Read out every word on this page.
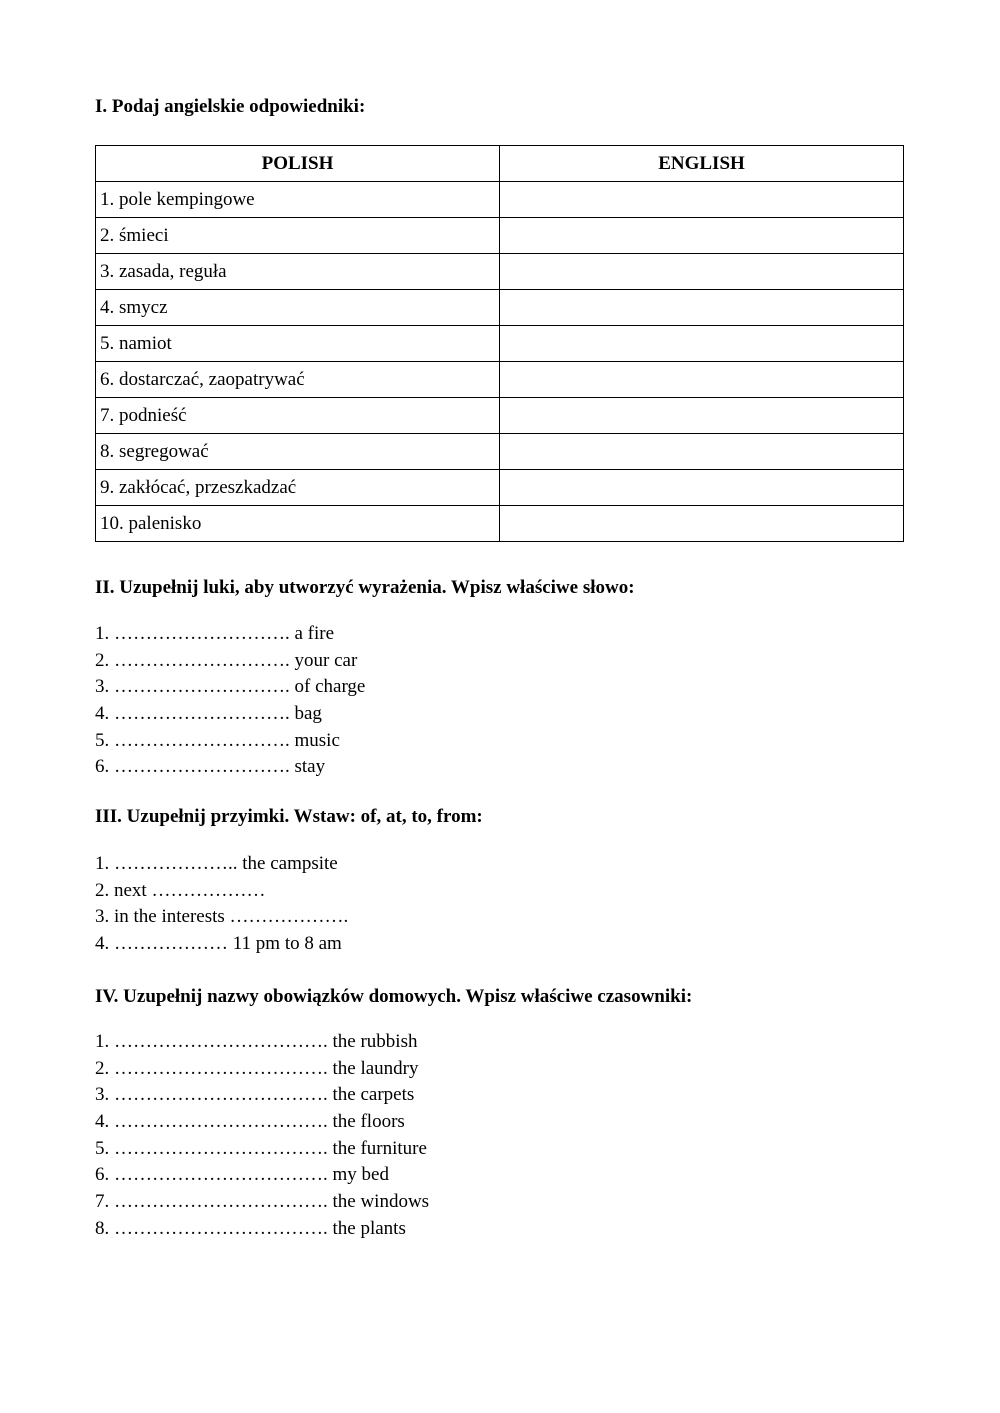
I. Podaj angielskie odpowiedniki:
POLISH	ENGLISH
1. pole kempingowe	
2. śmieci	
3. zasada, reguła	
4. smycz	
5. namiot	
6. dostarczać, zaopatrywać	
7. podnieść	
8. segregować	
9. zakłócać, przeszkadzać	
10. palenisko	
II. Uzupełnij luki, aby utworzyć wyrażenia. Wpisz właściwe słowo:
1. ………………………. a fire
2. ………………………. your car
3. ………………………. of charge
4. ………………………. bag
5. ………………………. music
6. ………………………. stay
III. Uzupełnij przyimki. Wstaw: of, at, to, from:
1. ……………….. the campsite
2. next ………………
3. in the interests ……………….
4. ……………… 11 pm to 8 am
IV. Uzupełnij nazwy obowiązków domowych. Wpisz właściwe czasowniki:
1. ……………………………. the rubbish
2. ……………………………. the laundry
3. ……………………………. the carpets
4. ……………………………. the floors
5. ……………………………. the furniture
6. ……………………………. my bed
7. ……………………………. the windows
8. ……………………………. the plants
